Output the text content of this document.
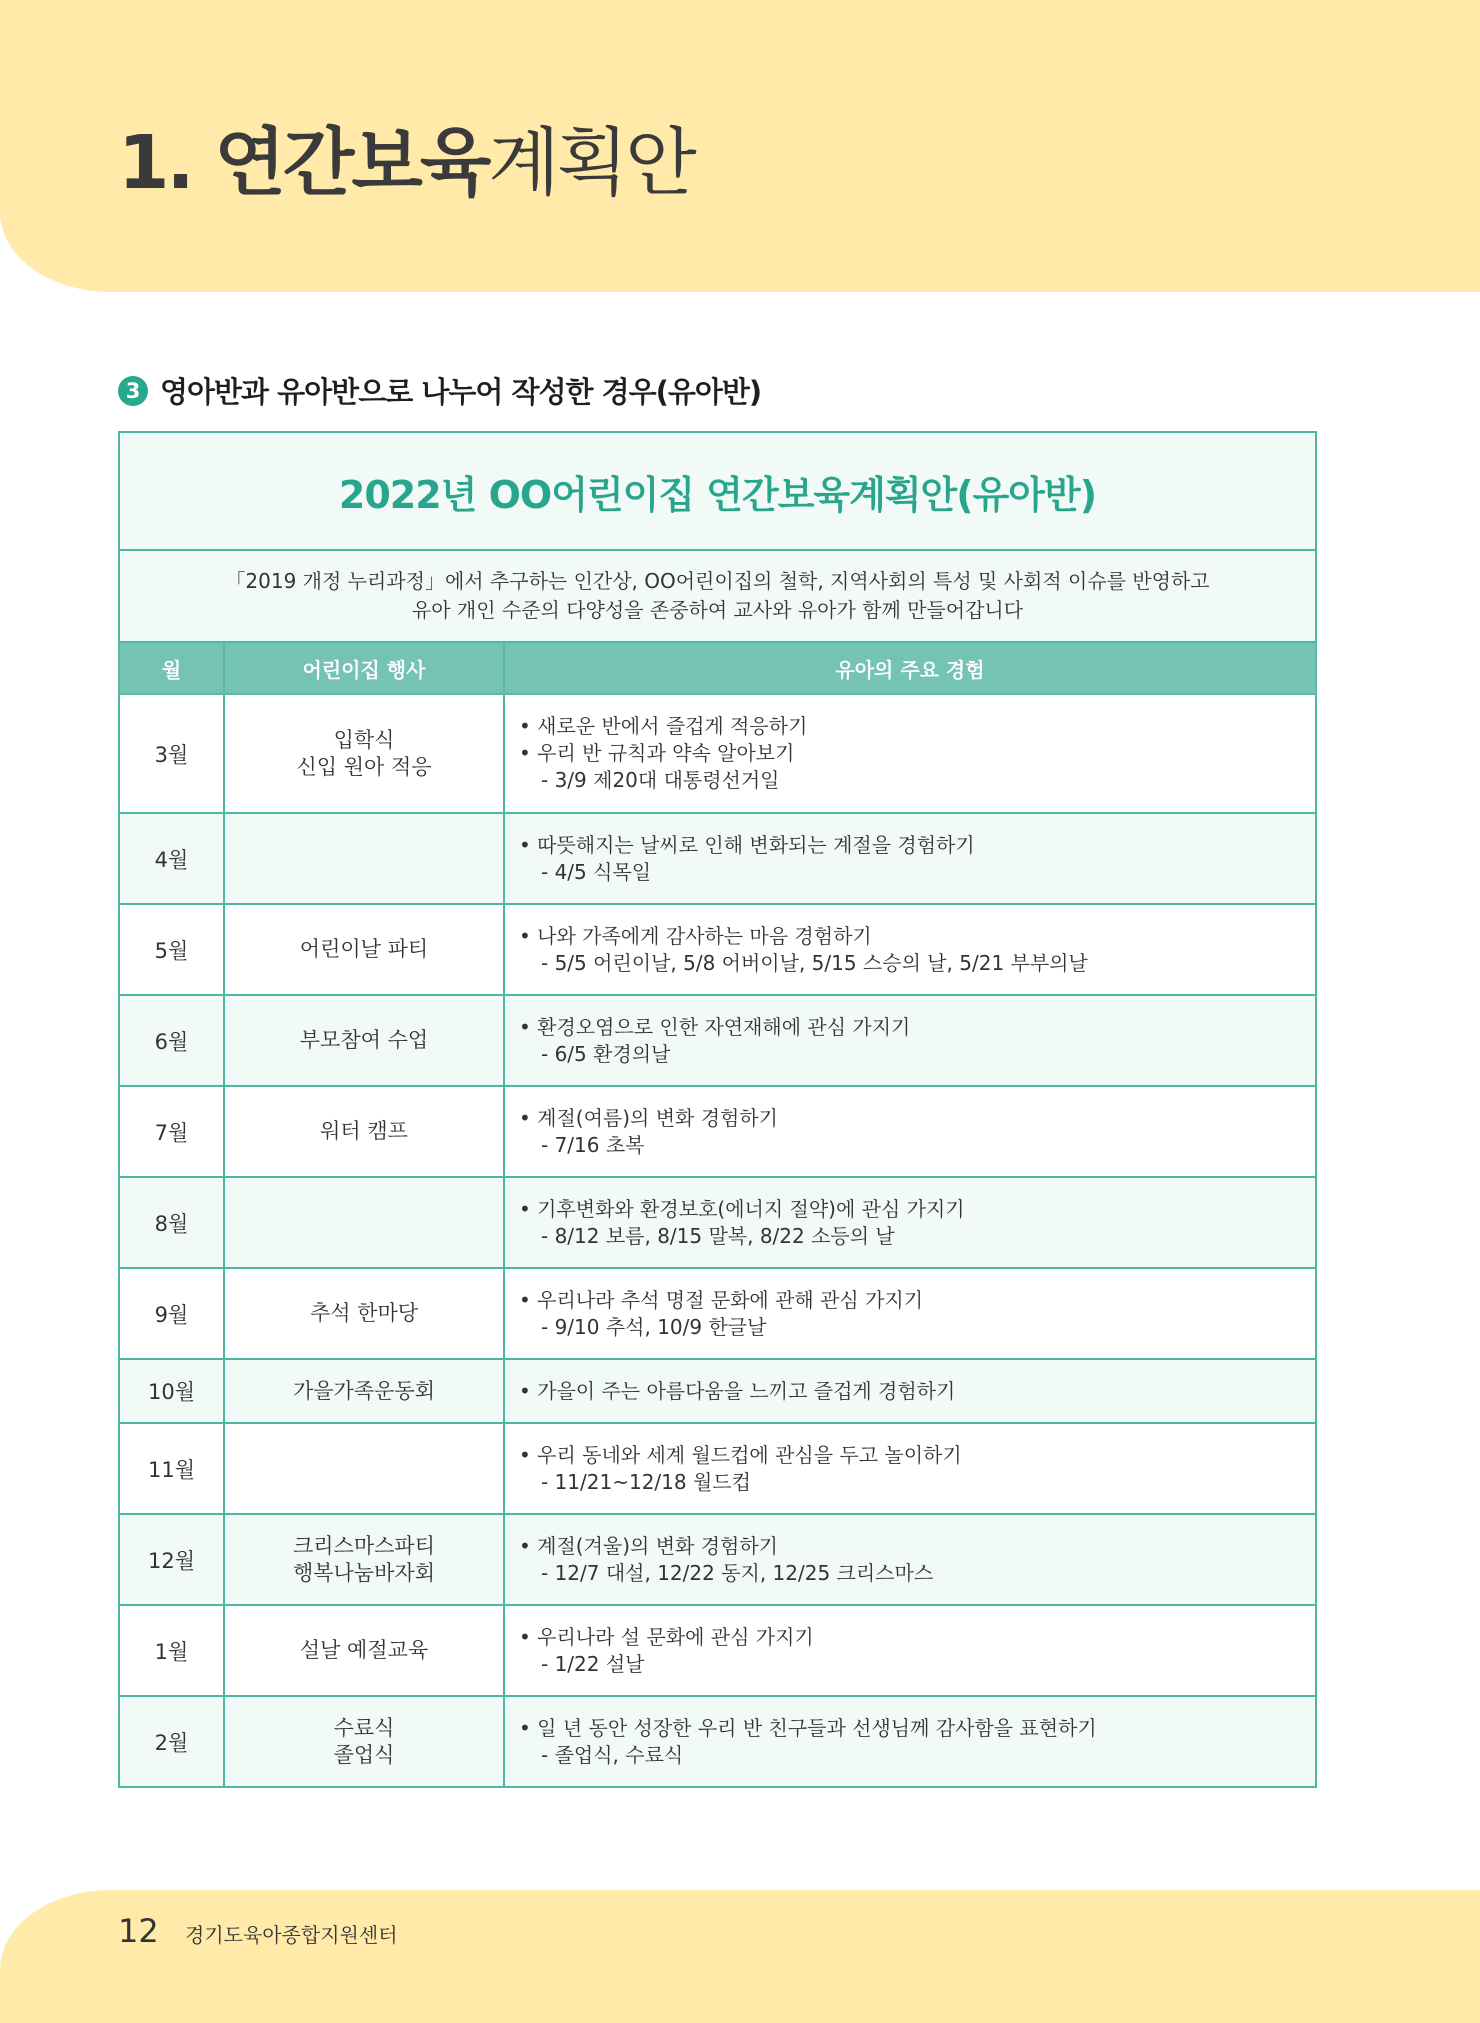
1. 연간보육계획안
3 영아반과 유아반으로 나누어 작성한 경우(유아반)
2022년 OO어린이집 연간보육계획안(유아반)		

「2019 개정 누리과정」에서 추구하는 인간상, OO어린이집의 철학, 지역사회의 특성 및 사회적 이슈를 반영하고
유아 개인 수준의 다양성을 존중하여 교사와 유아가 함께 만들어갑니다		

월	어린이집 행사	유아의 주요 경험
3월	입학식
신입 원아 적응	• 새로운 반에서 즐겁게 적응하기
• 우리 반 규칙과 약속 알아보기
- 3/9 제20대 대통령선거일

4월		• 따뜻해지는 날씨로 인해 변화되는 계절을 경험하기
- 4/5 식목일

5월	어린이날 파티	• 나와 가족에게 감사하는 마음 경험하기
- 5/5 어린이날, 5/8 어버이날, 5/15 스승의 날, 5/21 부부의날

6월	부모참여 수업	• 환경오염으로 인한 자연재해에 관심 가지기
- 6/5 환경의날

7월	워터 캠프	• 계절(여름)의 변화 경험하기
- 7/16 초복

8월		• 기후변화와 환경보호(에너지 절약)에 관심 가지기
- 8/12 보름, 8/15 말복, 8/22 소등의 날

9월	추석 한마당	• 우리나라 추석 명절 문화에 관해 관심 가지기
- 9/10 추석, 10/9 한글날

10월	가을가족운동회	• 가을이 주는 아름다움을 느끼고 즐겁게 경험하기

11월		• 우리 동네와 세계 월드컵에 관심을 두고 놀이하기
- 11/21~12/18 월드컵

12월	크리스마스파티
행복나눔바자회	• 계절(겨울)의 변화 경험하기
- 12/7 대설, 12/22 동지, 12/25 크리스마스

1월	설날 예절교육	• 우리나라 설 문화에 관심 가지기
- 1/22 설날

2월	수료식
졸업식	• 일 년 동안 성장한 우리 반 친구들과 선생님께 감사함을 표현하기
- 졸업식, 수료식
12 경기도육아종합지원센터
